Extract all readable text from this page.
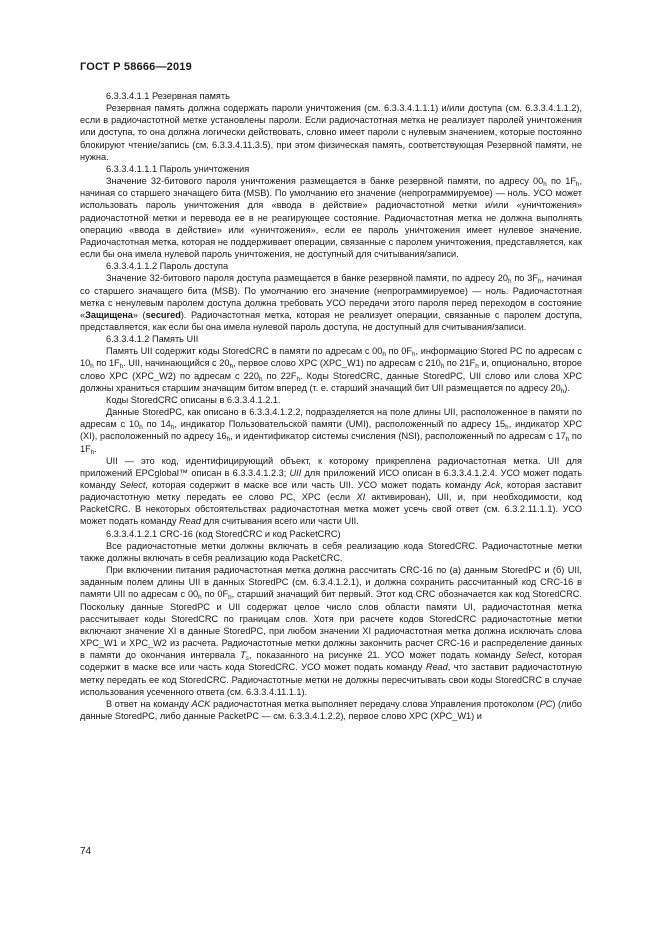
ГОСТ Р 58666—2019

6.3.3.4.1.1 Резервная память

Резервная память должна содержать пароли уничтожения (см. 6.3.3.4.1.1.1) и/или доступа (см. 6.3.3.4.1.1.2), если в радиочастотной метке установлены пароли. Если радиочастотная метка не реализует паролей уничтожения или доступа, то она должна логически действовать, словно имеет пароли с нулевым значением, которые постоянно блокируют чтение/запись (см. 6.3.3.4.11.3.5), при этом физическая память, соответствующая Резервной памяти, не нужна.

6.3.3.4.1.1.1 Пароль уничтожения

Значение 32-битового пароля уничтожения размещается в банке резервной памяти, по адресу $00_h$ по $1F_h$, начиная со старшего значащего бита (MSB). По умолчанию его значение (непрограммируемое) — ноль. УСО может использовать пароль уничтожения для «ввода в действие» радиочастотной метки и/или «уничтожения» радиочастотной метки и перевода ее в не реагирующее состояние. Радиочастотная метка не должна выполнять операцию «ввода в действие» или «уничтожения», если ее пароль уничтожения имеет нулевое значение. Радиочастотная метка, которая не поддерживает операции, связанные с паролем уничтожения, представляется, как если бы она имела нулевой пароль уничтожения, не доступный для считывания/записи.

6.3.3.4.1.1.2 Пароль доступа

Значение 32-битового пароля доступа размещается в банке резервной памяти, по адресу $20_h$ по $3F_h$, начиная со старшего значащего бита (MSB). По умолчанию его значение (непрограммируемое) — ноль. Радиочастотная метка с ненулевым паролем доступа должна требовать УСО передачи этого пароля перед переходом в состояние «Защищена» (secured). Радиочастотная метка, которая не реализует операции, связанные с паролем доступа, представляется, как если бы она имела нулевой пароль доступа, не доступный для считывания/записи.

6.3.3.4.1.2 Память UII

Память UII содержит коды StoredCRC в памяти по адресам с $00_h$ по $0F_h$, информацию Stored PC по адресам с $10_h$ по $1F_h$. UII, начинающийся с $20_h$, первое слово XPC (XPC_W1) по адресам с $210_h$ по $21F_h$ и, опционально, второе слово XPC (XPC_W2) по адресам с $220_h$ по $22F_h$. Коды StoredCRC, данные StoredPC, UII слово или слова XPC должны храниться старшим значащим битом вперед (т. е. старший значащий бит UII размещается по адресу $20_h$).

Коды StoredCRC описаны в 6.3.3.4.1.2.1.

Данные StoredPC, как описано в 6.3.3.4.1.2.2, подразделяется на поле длины UII, расположенное в памяти по адресам с $10_h$ по $14_h$, индикатор Пользовательской памяти (UMI), расположенный по адресу $15_h$, индикатор XPC (XI), расположенный по адресу $16_h$, и идентификатор системы счисления (NSI), расположенный по адресам с $17_h$ по $1F_h$.

UII — это код, идентифицирующий объект, к которому прикреплена радиочастотная метка. UII для приложений EPCglobal™ описан в 6.3.3.4.1.2.3; UII для приложений ИСО описан в 6.3.3.4.1.2.4. УСО может подать команду Select, которая содержит в маске все или часть UII. УСО может подать команду Ack, которая заставит радиочастотную метку передать ее слово PC, XPC (если XI активирован), UII, и, при необходимости, код PacketCRC. В некоторых обстоятельствах радиочастотная метка может усечь свой ответ (см. 6.3.2.11.1.1). УСО может подать команду Read для считывания всего или части UII.

6.3.3.4.1.2.1 CRC-16 (код StoredCRC и код PacketCRC)

Все радиочастотные метки должны включать в себя реализацию кода StoredCRC. Радиочастотные метки также должны включать в себя реализацию кода PacketCRC.

При включении питания радиочастотная метка должна рассчитать CRC-16 по (а) данным StoredPC и (б) UII, заданным полем длины UII в данных StoredPC (см. 6.3.4.1.2.1), и должна сохранить рассчитанный код CRC-16 в памяти UII по адресам с $00_h$ по $0F_h$, старший значащий бит первый. Этот код CRC обозначается как код StoredCRC. Поскольку данные StoredPC и UII содержат целое число слов области памяти UI, радиочастотная метка рассчитывает коды StoredCRC по границам слов. Хотя при расчете кодов StoredCRC радиочастотные метки включают значение XI в данные StoredPC, при любом значении XI радиочастотная метка должна исключать слова XPC_W1 и XPC_W2 из расчета. Радиочастотные метки должны закончить расчет CRC-16 и распределение данных в памяти до окончания интервала $T_s$, показанного на рисунке 21. УСО может подать команду Select, которая содержит в маске все или часть кода StoredCRC. УСО может подать команду Read, что заставит радиочастотную метку передать ее код StoredCRC. Радиочастотные метки не должны пересчитывать свои коды StoredCRC в случае использования усеченного ответа (см. 6.3.3.4.11.1.1).

В ответ на команду ACK радиочастотная метка выполняет передачу слова Управления протоколом (PC) (либо данные StoredPC, либо данные PacketPC — см. 6.3.3.4.1.2.2), первое слово XPC (XPC_W1) и

74
